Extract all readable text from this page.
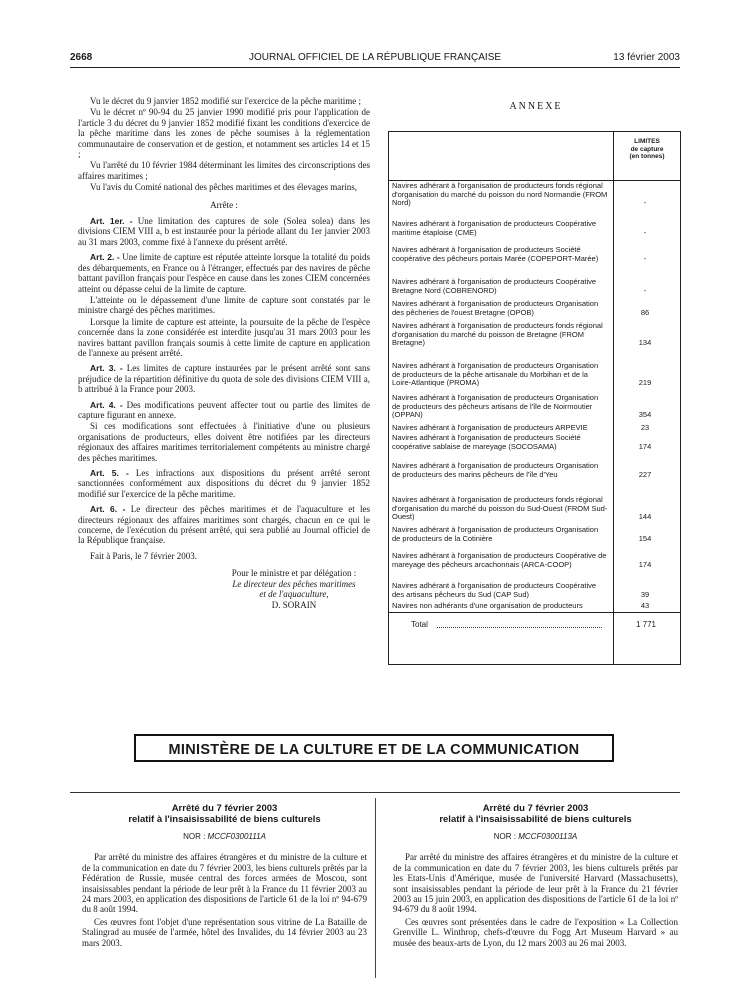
2668	JOURNAL OFFICIEL DE LA RÉPUBLIQUE FRANÇAISE	13 février 2003

Vu le décret du 9 janvier 1852 modifié sur l'exercice de la pêche maritime ;

Vu le décret nº 90-94 du 25 janvier 1990 modifié pris pour l'application de l'article 3 du décret du 9 janvier 1852 modifié fixant les conditions d'exercice de la pêche maritime dans les zones de pêche soumises à la réglementation communautaire de conservation et de gestion, et notamment ses articles 14 et 15 ;

Vu l'arrêté du 10 février 1984 déterminant les limites des circonscriptions des affaires maritimes ;

Vu l'avis du Comité national des pêches maritimes et des élevages marins,

Arrête :

Art. 1er. - Une limitation des captures de sole (Solea solea) dans les divisions CIEM VIII a, b est instaurée pour la période allant du 1er janvier 2003 au 31 mars 2003, comme fixé à l'annexe du présent arrêté.

Art. 2. - Une limite de capture est réputée atteinte lorsque la totalité du poids des débarquements, en France ou à l'étranger, effectués par des navires de pêche battant pavillon français pour l'espèce en cause dans les zones CIEM concernées atteint ou dépasse celui de la limite de capture.

L'atteinte ou le dépassement d'une limite de capture sont constatés par le ministre chargé des pêches maritimes.

Lorsque la limite de capture est atteinte, la poursuite de la pêche de l'espèce concernée dans la zone considérée est interdite jusqu'au 31 mars 2003 pour les navires battant pavillon français soumis à cette limite de capture en application de l'annexe au présent arrêté.

Art. 3. - Les limites de capture instaurées par le présent arrêté sont sans préjudice de la répartition définitive du quota de sole des divisions CIEM VIII a, b attribué à la France pour 2003.

Art. 4. - Des modifications peuvent affecter tout ou partie des limites de capture figurant en annexe.

Si ces modifications sont effectuées à l'initiative d'une ou plusieurs organisations de producteurs, elles doivent être notifiées par les directeurs régionaux des affaires maritimes territorialement compétents au ministre chargé des pêches maritimes.

Art. 5. - Les infractions aux dispositions du présent arrêté seront sanctionnées conformément aux dispositions du décret du 9 janvier 1852 modifié sur l'exercice de la pêche maritime.

Art. 6. - Le directeur des pêches maritimes et de l'aquaculture et les directeurs régionaux des affaires maritimes sont chargés, chacun en ce qui le concerne, de l'exécution du présent arrêté, qui sera publié au Journal officiel de la République française.

Fait à Paris, le 7 février 2003.

Pour le ministre et par délégation :
Le directeur des pêches maritimes
et de l'aquaculture,
D. SORAIN
ANNEXE
LIMITES
de capture
(en tonnes)
Navires adhérant à l'organisation de producteurs fonds régional d'organisation du marché du poisson du nord Normandie (FROM Nord)	-
Navires adhérant à l'organisation de producteurs Coopérative maritime étaploise (CME)	-
Navires adhérant à l'organisation de producteurs Société coopérative des pêcheurs portais Marée (COPEPORT-Marée)	-
Navires adhérant à l'organisation de producteurs Coopérative Bretagne Nord (COBRENORD)	-
Navires adhérant à l'organisation de producteurs Organisation des pêcheries de l'ouest Bretagne (OPOB)	86
Navires adhérant à l'organisation de producteurs fonds régional d'organisation du marché du poisson de Bretagne (FROM Bretagne)	134
Navires adhérant à l'organisation de producteurs Organisation de producteurs de la pêche artisanale du Morbihan et de la Loire-Atlantique (PROMA)	219
Navires adhérant à l'organisation de producteurs Organisation de producteurs des pêcheurs artisans de l'île de Noirmoutier (OPPAN)	354
Navires adhérant à l'organisation de producteurs ARPEVIE	23
Navires adhérant à l'organisation de producteurs Société coopérative sablaise de mareyage (SOCOSAMA)	174
Navires adhérant à l'organisation de producteurs Organisation de producteurs des marins pêcheurs de l'île d'Yeu	227
Navires adhérant à l'organisation de producteurs fonds régional d'organisation du marché du poisson du Sud-Ouest (FROM Sud-Ouest)	144
Navires adhérant à l'organisation de producteurs Organisation de producteurs de la Cotinière	154
Navires adhérant à l'organisation de producteurs Coopérative de mareyage des pêcheurs arcachonnais (ARCA-COOP)	174
Navires adhérant à l'organisation de producteurs Coopérative des artisans pêcheurs du Sud (CAP Sud)	39
Navires non adhérants d'une organisation de producteurs	43
Total	1 771
MINISTÈRE DE LA CULTURE ET DE LA COMMUNICATION
Arrêté du 7 février 2003
relatif à l'insaisissabilité de biens culturels
NOR : MCCF0300111A

Par arrêté du ministre des affaires étrangères et du ministre de la culture et de la communication en date du 7 février 2003, les biens culturels prêtés par la Fédération de Russie, musée central des forces armées de Moscou, sont insaisissables pendant la période de leur prêt à la France du 11 février 2003 au 24 mars 2003, en application des dispositions de l'article 61 de la loi nº 94-679 du 8 août 1994.

Ces œuvres font l'objet d'une représentation sous vitrine de La Bataille de Stalingrad au musée de l'armée, hôtel des Invalides, du 14 février 2003 au 23 mars 2003.

Arrêté du 7 février 2003
relatif à l'insaisissabilité de biens culturels
NOR : MCCF0300113A

Par arrêté du ministre des affaires étrangères et du ministre de la culture et de la communication en date du 7 février 2003, les biens culturels prêtés par les Etats-Unis d'Amérique, musée de l'université Harvard (Massachusetts), sont insaisissables pendant la période de leur prêt à la France du 21 février 2003 au 15 juin 2003, en application des dispositions de l'article 61 de la loi nº 94-679 du 8 août 1994.

Ces œuvres sont présentées dans le cadre de l'exposition « La Collection Grenville L. Winthrop, chefs-d'œuvre du Fogg Art Museum Harvard » au musée des beaux-arts de Lyon, du 12 mars 2003 au 26 mai 2003.
